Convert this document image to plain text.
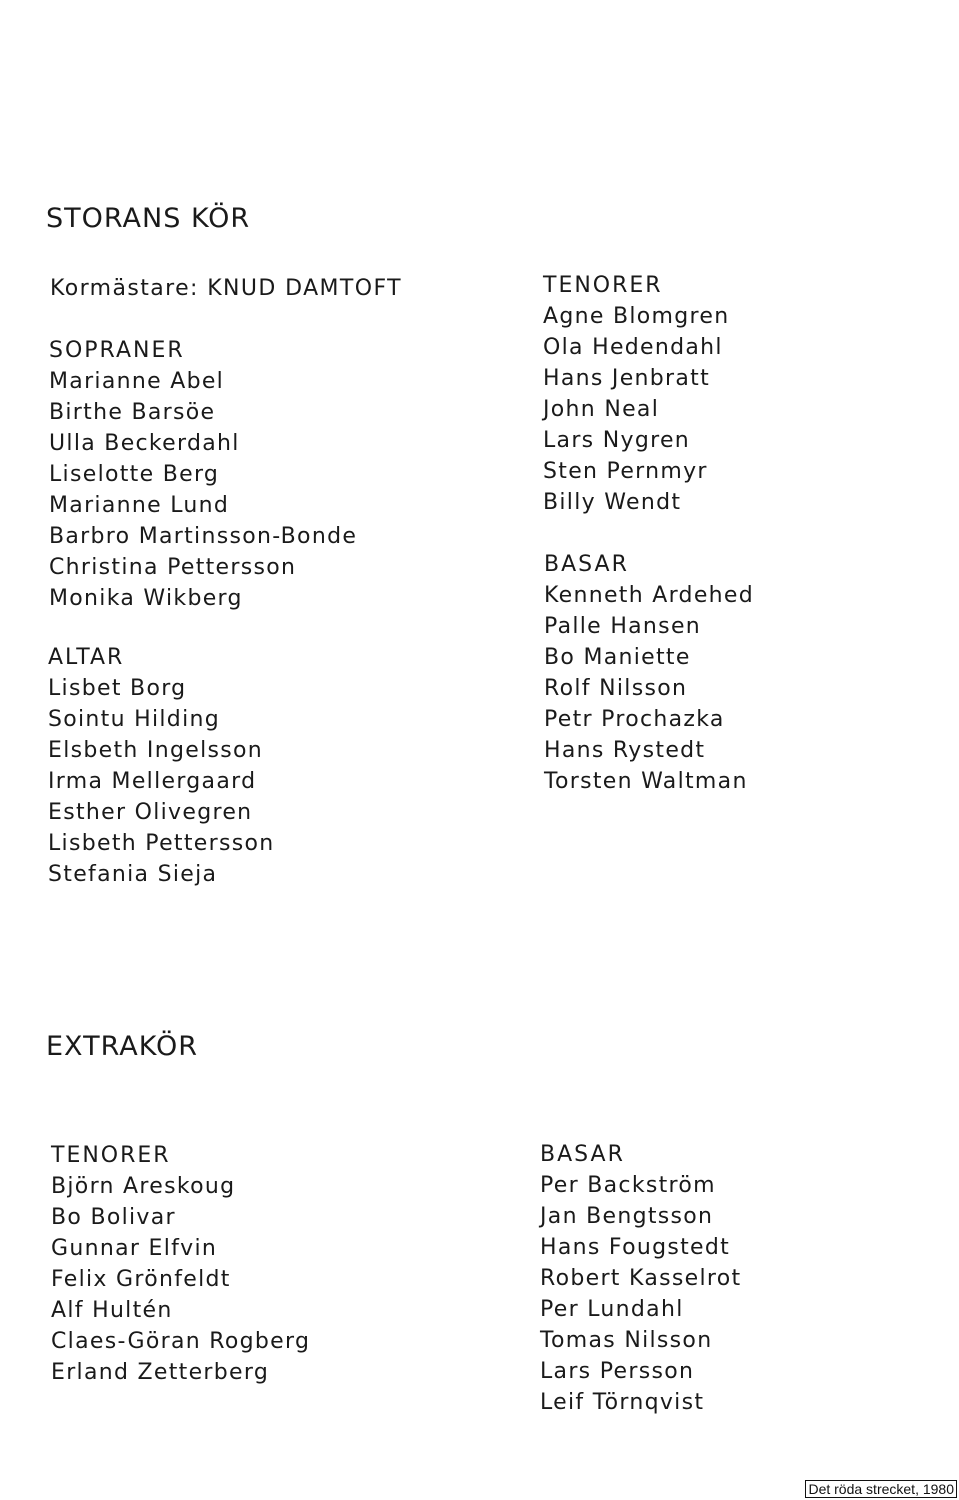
STORANS KÖR
Kormästare: KNUD DAMTOFT
SOPRANER
Marianne Abel
Birthe Barsöe
Ulla Beckerdahl
Liselotte Berg
Marianne Lund
Barbro Martinsson-Bonde
Christina Pettersson
Monika Wikberg
ALTAR
Lisbet Borg
Sointu Hilding
Elsbeth Ingelsson
Irma Mellergaard
Esther Olivegren
Lisbeth Pettersson
Stefania Sieja
TENORER
Agne Blomgren
Ola Hedendahl
Hans Jenbratt
John Neal
Lars Nygren
Sten Pernmyr
Billy Wendt
BASAR
Kenneth Ardehed
Palle Hansen
Bo Maniette
Rolf Nilsson
Petr Prochazka
Hans Rystedt
Torsten Waltman
EXTRAKÖR
TENORER
Björn Areskoug
Bo Bolivar
Gunnar Elfvin
Felix Grönfeldt
Alf Hultén
Claes-Göran Rogberg
Erland Zetterberg
BASAR
Per Backström
Jan Bengtsson
Hans Fougstedt
Robert Kasselrot
Per Lundahl
Tomas Nilsson
Lars Persson
Leif Törnqvist
Det röda strecket, 1980
